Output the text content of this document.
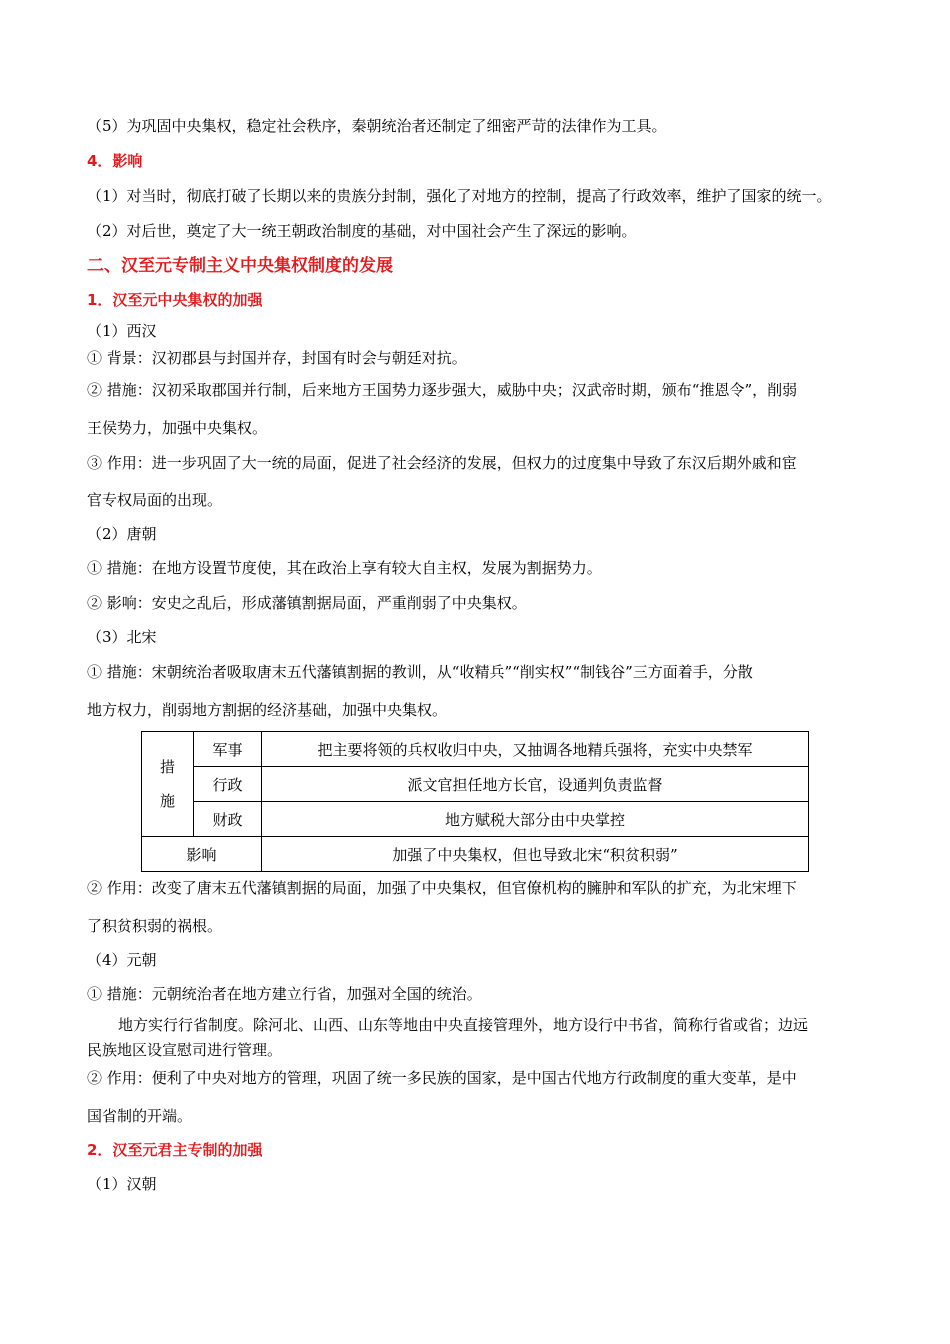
（5）为巩固中央集权，稳定社会秩序，秦朝统治者还制定了细密严苛的法律作为工具。
4．影响
（1）对当时，彻底打破了长期以来的贵族分封制，强化了对地方的控制，提高了行政效率，维护了国家的统一。
（2）对后世，奠定了大一统王朝政治制度的基础，对中国社会产生了深远的影响。
二、汉至元专制主义中央集权制度的发展
1．汉至元中央集权的加强
（1）西汉
① 背景：汉初郡县与封国并存，封国有时会与朝廷对抗。
② 措施：汉初采取郡国并行制，后来地方王国势力逐步强大，威胁中央；汉武帝时期，颁布“推恩令”，削弱
王侯势力，加强中央集权。
③ 作用：进一步巩固了大一统的局面，促进了社会经济的发展，但权力的过度集中导致了东汉后期外戚和宦
官专权局面的出现。
（2）唐朝
① 措施：在地方设置节度使，其在政治上享有较大自主权，发展为割据势力。
② 影响：安史之乱后，形成藩镇割据局面，严重削弱了中央集权。
（3）北宋
① 措施：宋朝统治者吸取唐末五代藩镇割据的教训，从“收精兵”“削实权”“制钱谷”三方面着手，分散
地方权力，削弱地方割据的经济基础，加强中央集权。
措
施	军事	把主要将领的兵权收归中央，又抽调各地精兵强将，充实中央禁军
	行政	派文官担任地方长官，设通判负责监督
	财政	地方赋税大部分由中央掌控
影响		加强了中央集权，但也导致北宋“积贫积弱”
② 作用：改变了唐末五代藩镇割据的局面，加强了中央集权，但官僚机构的臃肿和军队的扩充，为北宋埋下
了积贫积弱的祸根。
（4）元朝
① 措施：元朝统治者在地方建立行省，加强对全国的统治。
地方实行行省制度。除河北、山西、山东等地由中央直接管理外，地方设行中书省，简称行省或省；边远
民族地区设宣慰司进行管理。
② 作用：便利了中央对地方的管理，巩固了统一多民族的国家，是中国古代地方行政制度的重大变革，是中
国省制的开端。
2．汉至元君主专制的加强
（1）汉朝
